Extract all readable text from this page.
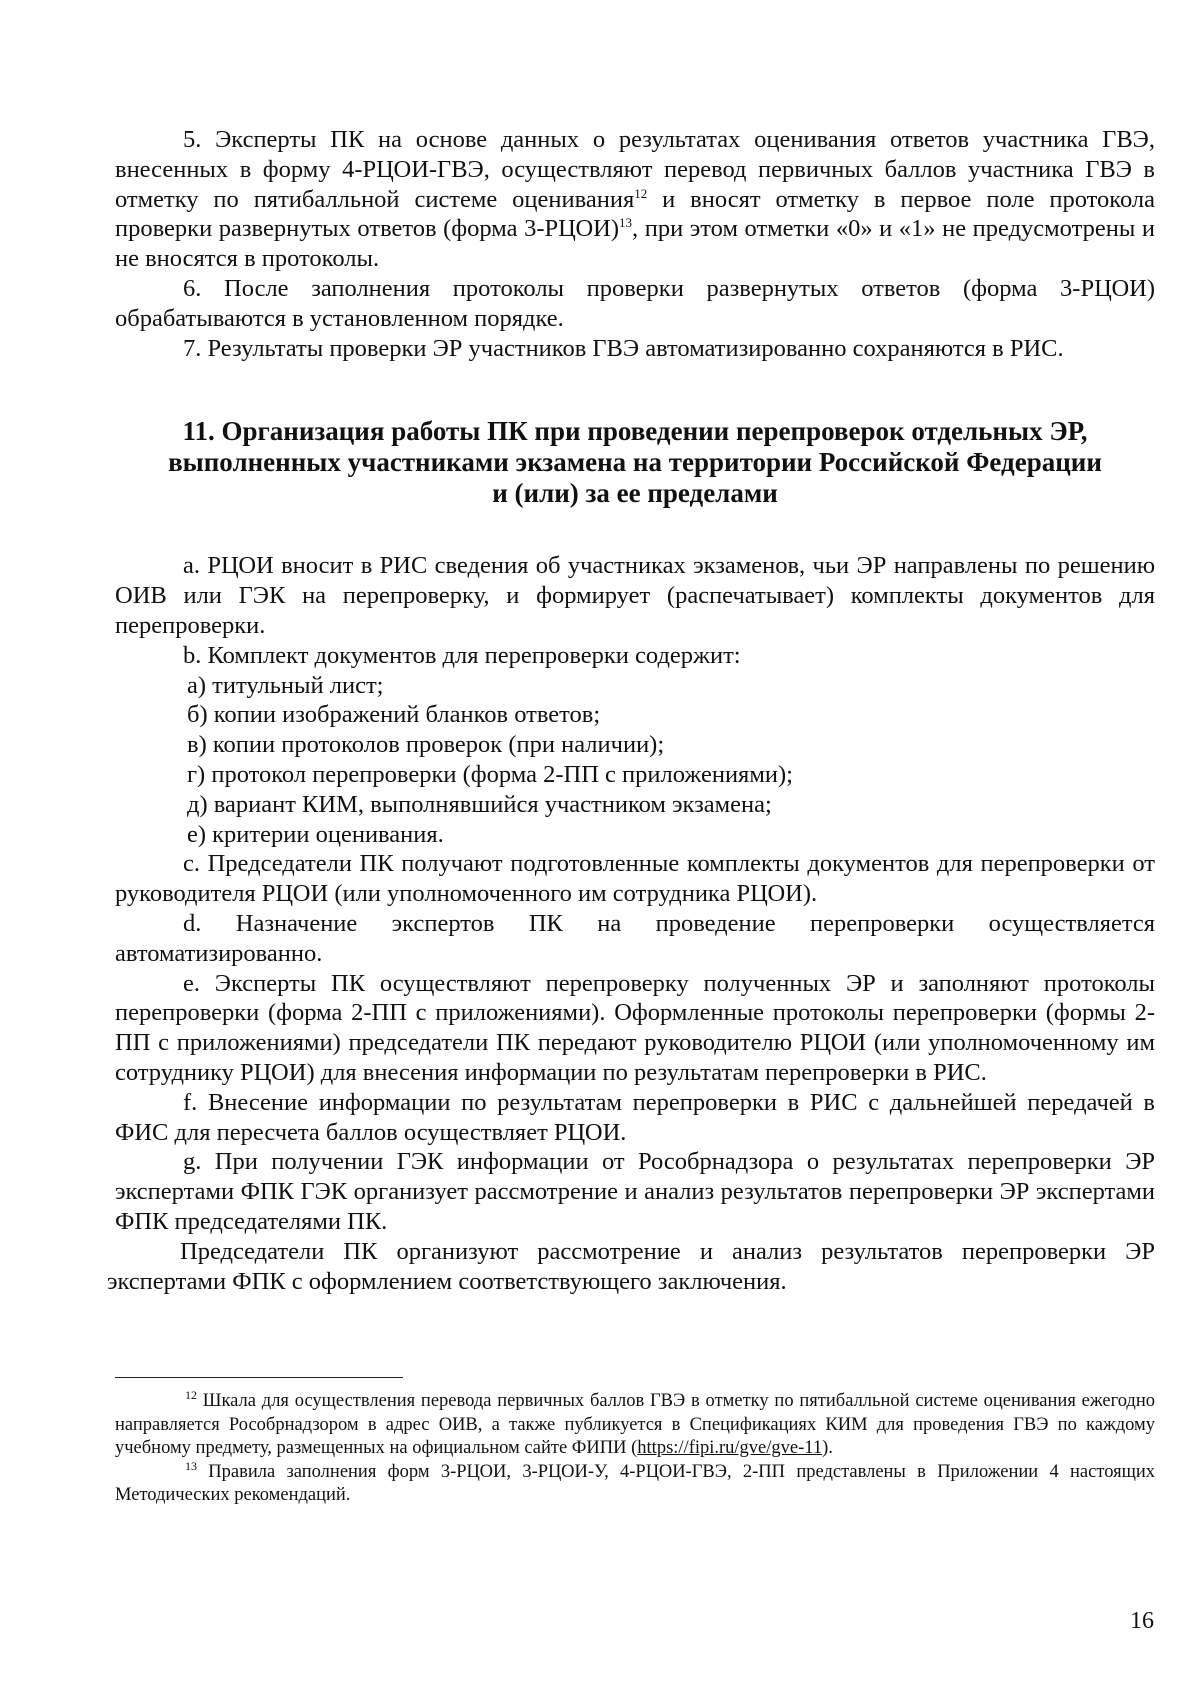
5. Эксперты ПК на основе данных о результатах оценивания ответов участника ГВЭ, внесенных в форму 4-РЦОИ-ГВЭ, осуществляют перевод первичных баллов участника ГВЭ в отметку по пятибалльной системе оценивания$^{12}$ и вносят отметку в первое поле протокола проверки развернутых ответов (форма 3-РЦОИ)$^{13}$, при этом отметки «0» и «1» не предусмотрены и не вносятся в протоколы.

6. После заполнения протоколы проверки развернутых ответов (форма 3-РЦОИ) обрабатываются в установленном порядке.

7. Результаты проверки ЭР участников ГВЭ автоматизированно сохраняются в РИС.

11. Организация работы ПК при проведении перепроверок отдельных ЭР,
выполненных участниками экзамена на территории Российской Федерации
и (или) за ее пределами

a. РЦОИ вносит в РИС сведения об участниках экзаменов, чьи ЭР направлены по решению ОИВ или ГЭК на перепроверку, и формирует (распечатывает) комплекты документов для перепроверки.

b. Комплект документов для перепроверки содержит:

а) титульный лист;

б) копии изображений бланков ответов;

в) копии протоколов проверок (при наличии);

г) протокол перепроверки (форма 2-ПП с приложениями);

д) вариант КИМ, выполнявшийся участником экзамена;

е) критерии оценивания.

c. Председатели ПК получают подготовленные комплекты документов для перепроверки от руководителя РЦОИ (или уполномоченного им сотрудника РЦОИ).

d. Назначение экспертов ПК на проведение перепроверки осуществляется автоматизированно.

e. Эксперты ПК осуществляют перепроверку полученных ЭР и заполняют протоколы перепроверки (форма 2-ПП с приложениями). Оформленные протоколы перепроверки (формы 2-ПП с приложениями) председатели ПК передают руководителю РЦОИ (или уполномоченному им сотруднику РЦОИ) для внесения информации по результатам перепроверки в РИС.

f. Внесение информации по результатам перепроверки в РИС с дальнейшей передачей в ФИС для пересчета баллов осуществляет РЦОИ.

g. При получении ГЭК информации от Рособрнадзора о результатах перепроверки ЭР экспертами ФПК ГЭК организует рассмотрение и анализ результатов перепроверки ЭР экспертами ФПК председателями ПК.

Председатели ПК организуют рассмотрение и анализ результатов перепроверки ЭР экспертами ФПК с оформлением соответствующего заключения.

$^{12}$ Шкала для осуществления перевода первичных баллов ГВЭ в отметку по пятибалльной системе оценивания ежегодно направляется Рособрнадзором в адрес ОИВ, а также публикуется в Спецификациях КИМ для проведения ГВЭ по каждому учебному предмету, размещенных на официальном сайте ФИПИ (https://fipi.ru/gve/gve-11).

$^{13}$ Правила заполнения форм 3-РЦОИ, 3-РЦОИ-У, 4-РЦОИ-ГВЭ, 2-ПП представлены в Приложении 4 настоящих Методических рекомендаций.

16
